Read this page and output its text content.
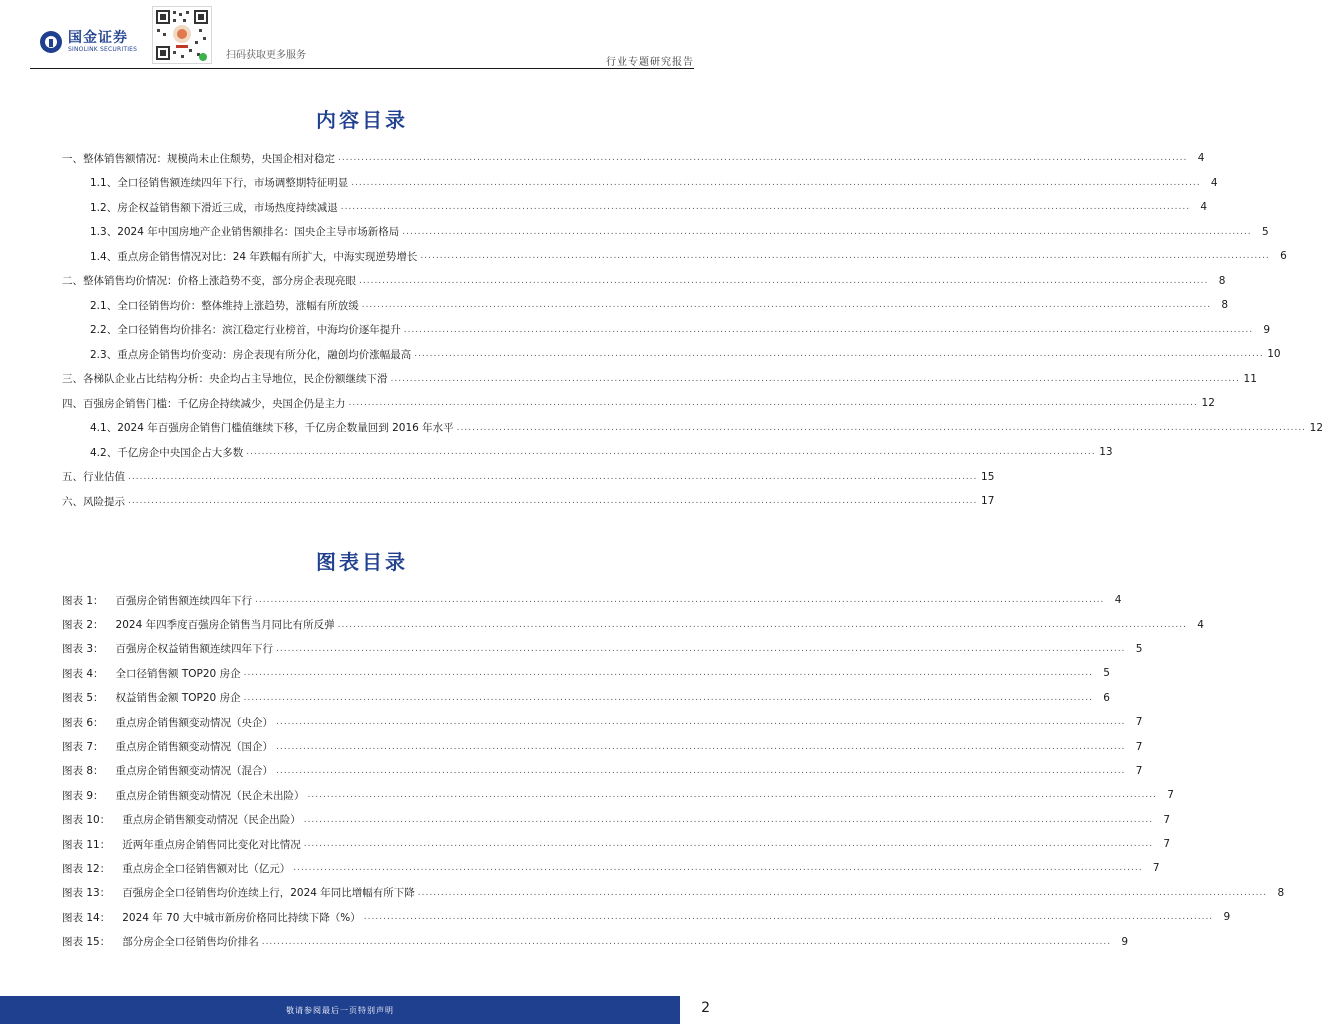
国金证券
SINOLINK SECURITIES
扫码获取更多服务
行业专题研究报告
内容目录
一、整体销售额情况：规模尚未止住颓势，央国企相对稳定 ............................................................................................................................................................................................................................ 4
1.1、全口径销售额连续四年下行，市场调整期特征明显 ............................................................................................................................................................................................................................ 4
1.2、房企权益销售额下滑近三成，市场热度持续减退 ............................................................................................................................................................................................................................ 4
1.3、2024 年中国房地产企业销售额排名：国央企主导市场新格局 ............................................................................................................................................................................................................................ 5
1.4、重点房企销售情况对比：24 年跌幅有所扩大，中海实现逆势增长 ............................................................................................................................................................................................................................ 6
二、整体销售均价情况：价格上涨趋势不变，部分房企表现亮眼 ............................................................................................................................................................................................................................ 8
2.1、全口径销售均价：整体维持上涨趋势，涨幅有所放缓 ............................................................................................................................................................................................................................ 8
2.2、全口径销售均价排名：滨江稳定行业榜首，中海均价逐年提升 ............................................................................................................................................................................................................................ 9
2.3、重点房企销售均价变动：房企表现有所分化，融创均价涨幅最高 ............................................................................................................................................................................................................................ 10
三、各梯队企业占比结构分析：央企均占主导地位，民企份额继续下滑 ............................................................................................................................................................................................................................ 11
四、百强房企销售门槛：千亿房企持续减少，央国企仍是主力 ............................................................................................................................................................................................................................ 12
4.1、2024 年百强房企销售门槛值继续下移，千亿房企数量回到 2016 年水平 ............................................................................................................................................................................................................................ 12
4.2、千亿房企中央国企占大多数 ............................................................................................................................................................................................................................ 13
五、行业估值 ............................................................................................................................................................................................................................ 15
六、风险提示 ............................................................................................................................................................................................................................ 17
图表目录
图表 1： 百强房企销售额连续四年下行 ............................................................................................................................................................................................................................ 4
图表 2： 2024 年四季度百强房企销售当月同比有所反弹 ............................................................................................................................................................................................................................ 4
图表 3： 百强房企权益销售额连续四年下行 ............................................................................................................................................................................................................................ 5
图表 4： 全口径销售额 TOP20 房企 ............................................................................................................................................................................................................................ 5
图表 5： 权益销售金额 TOP20 房企 ............................................................................................................................................................................................................................ 6
图表 6： 重点房企销售额变动情况（央企） ............................................................................................................................................................................................................................ 7
图表 7： 重点房企销售额变动情况（国企） ............................................................................................................................................................................................................................ 7
图表 8： 重点房企销售额变动情况（混合） ............................................................................................................................................................................................................................ 7
图表 9： 重点房企销售额变动情况（民企未出险） ............................................................................................................................................................................................................................ 7
图表 10： 重点房企销售额变动情况（民企出险） ............................................................................................................................................................................................................................ 7
图表 11： 近两年重点房企销售同比变化对比情况 ............................................................................................................................................................................................................................ 7
图表 12： 重点房企全口径销售额对比（亿元） ............................................................................................................................................................................................................................ 7
图表 13： 百强房企全口径销售均价连续上行，2024 年同比增幅有所下降 ............................................................................................................................................................................................................................ 8
图表 14： 2024 年 70 大中城市新房价格同比持续下降（%） ............................................................................................................................................................................................................................ 9
图表 15： 部分房企全口径销售均价排名 ............................................................................................................................................................................................................................ 9
敬请参阅最后一页特别声明	2
